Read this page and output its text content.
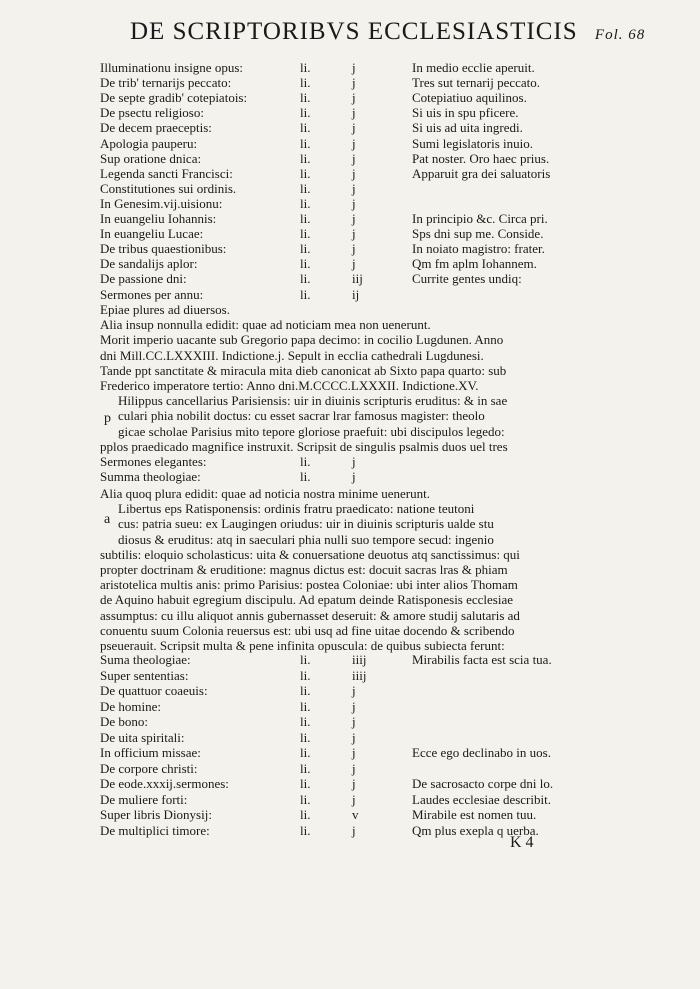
DE SCRIPTORIBVS ECCLESIASTICIS Fol. 68
Illuminationu insigne opus:	li.	j	In medio ecclie aperuit.
De trib' ternarijs peccato:	li.	j	Tres sut ternarij peccato.
De septe gradib' cotepiatois:	li.	j	Cotepiatiuo aquilinos.
De psectu religioso:	li.	j	Si uis in spu pficere.
De decem praeceptis:	li.	j	Si uis ad uita ingredi.
Apologia pauperu:	li.	j	Sumi legislatoris inuio.
Sup oratione dnica:	li.	j	Pat noster. Oro haec prius.
Legenda sancti Francisci:	li.	j	Apparuit gra dei saluatoris
Constitutiones sui ordinis.	li.	j
In Genesim.vij.uisionu:	li.	j
In euangeliu Iohannis:	li.	j	In principio &c. Circa pri.
In euangeliu Lucae:	li.	j	Sps dni sup me. Conside.
De tribus quaestionibus:	li.	j	In noiato magistro: frater.
De sandalijs aplor:	li.	j	Qm fm aplm Iohannem.
De passione dni:	li.	iij	Currite gentes undiq:
Sermones per annu:	li.	ij
Epiae plures ad diuersos.
Alia insup nonnulla edidit: quae ad noticiam mea non uenerunt.
Morit imperio uacante sub Gregorio papa decimo: in cocilio Lugdunen. Anno
dni Mill.CC.LXXXIII. Indictione.j. Sepult in ecclia cathedrali Lugdunesi.
Tande ppt sanctitate & miracula mita dieb canonicat ab Sixto papa quarto: sub
Frederico imperatore tertio: Anno dni.M.CCCC.LXXXII. Indictione.XV.
Hilippus cancellarius Parisiensis: uir in diuinis scripturis eruditus: & in sae
culari phia nobilit doctus: cu esset sacrar lrar famosus magister: theolo
gicae scholae Parisius mito tepore gloriose praefuit: ubi discipulos legedo:
pplos praedicado magnifice instruxit. Scripsit de singulis psalmis duos uel tres
p
Sermones elegantes:	li.	j
Summa theologiae:	li.	j
Alia quoq plura edidit: quae ad noticia nostra minime uenerunt.
Libertus eps Ratisponensis: ordinis fratru praedicato: natione teutoni
cus: patria sueu: ex Laugingen oriudus: uir in diuinis scripturis ualde stu
diosus & eruditus: atq in saeculari phia nulli suo tempore secud: ingenio
subtilis: eloquio scholasticus: uita & conuersatione deuotus atq sanctissimus: qui
propter doctrinam & eruditione: magnus dictus est: docuit sacras lras & phiam
aristotelica multis anis: primo Parisius: postea Coloniae: ubi inter alios Thomam
de Aquino habuit egregium discipulu. Ad epatum deinde Ratisponesis ecclesiae
assumptus: cu illu aliquot annis gubernasset deseruit: & amore studij salutaris ad
conuentu suum Colonia reuersus est: ubi usq ad fine uitae docendo & scribendo
pseuerauit. Scripsit multa & pene infinita opuscula: de quibus subiecta ferunt:
a
Suma theologiae:	li.	iiij	Mirabilis facta est scia tua.
Super sententias:	li.	iiij
De quattuor coaeuis:	li.	j
De homine:	li.	j
De bono:	li.	j
De uita spiritali:	li.	j
In officium missae:	li.	j	Ecce ego declinabo in uos.
De corpore christi:	li.	j
De eode.xxxij.sermones:	li.	j	De sacrosacto corpe dni lo.
De muliere forti:	li.	j	Laudes ecclesiae describit.
Super libris Dionysij:	li.	v	Mirabile est nomen tuu.
De multiplici timore:	li.	j	Qm plus exepla q uerba.
K 4
